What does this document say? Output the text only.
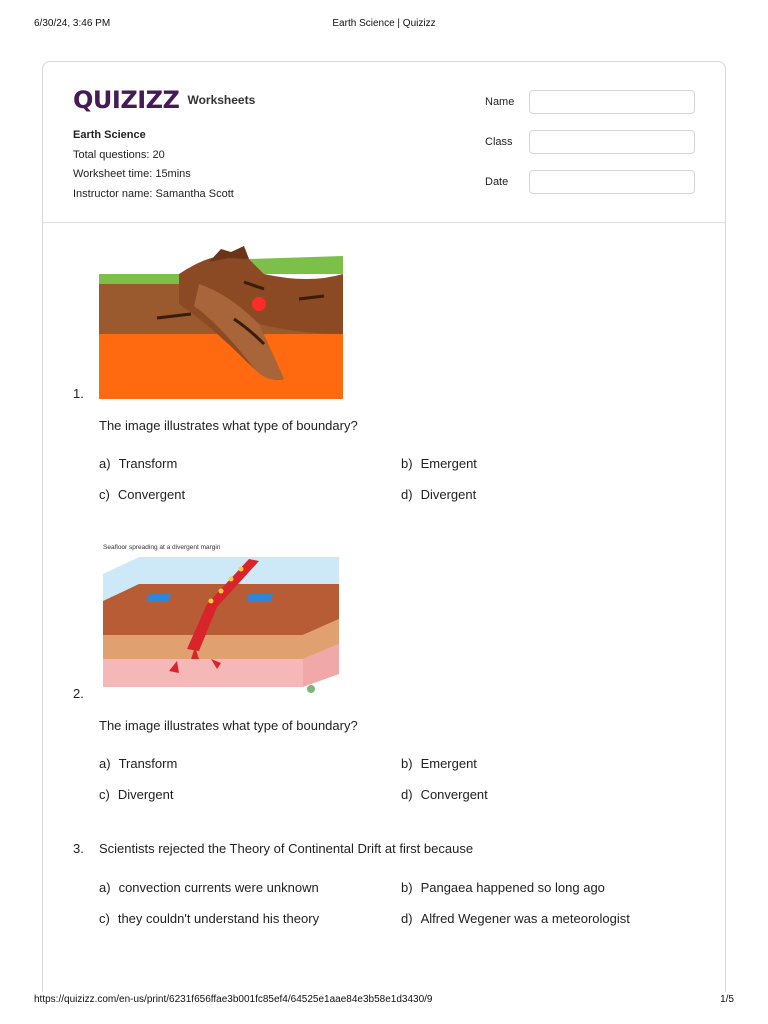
6/30/24, 3:46 PM	Earth Science | Quizizz
QUIZIZZ Worksheets
Earth Science
Total questions: 20
Worksheet time: 15mins
Instructor name: Samantha Scott
Name
Class
Date
1.
The image illustrates what type of boundary?
a) Transform	b) Emergent
c) Convergent	d) Divergent
Seafloor spreading at a divergent margin
2.
The image illustrates what type of boundary?
a) Transform	b) Emergent
c) Divergent	d) Convergent
3. Scientists rejected the Theory of Continental Drift at first because
a) convection currents were unknown	b) Pangaea happened so long ago
c) they couldn't understand his theory	d) Alfred Wegener was a meteorologist
https://quizizz.com/en-us/print/6231f656ffae3b001fc85ef4/64525e1aae84e3b58e1d3430/9	1/5
